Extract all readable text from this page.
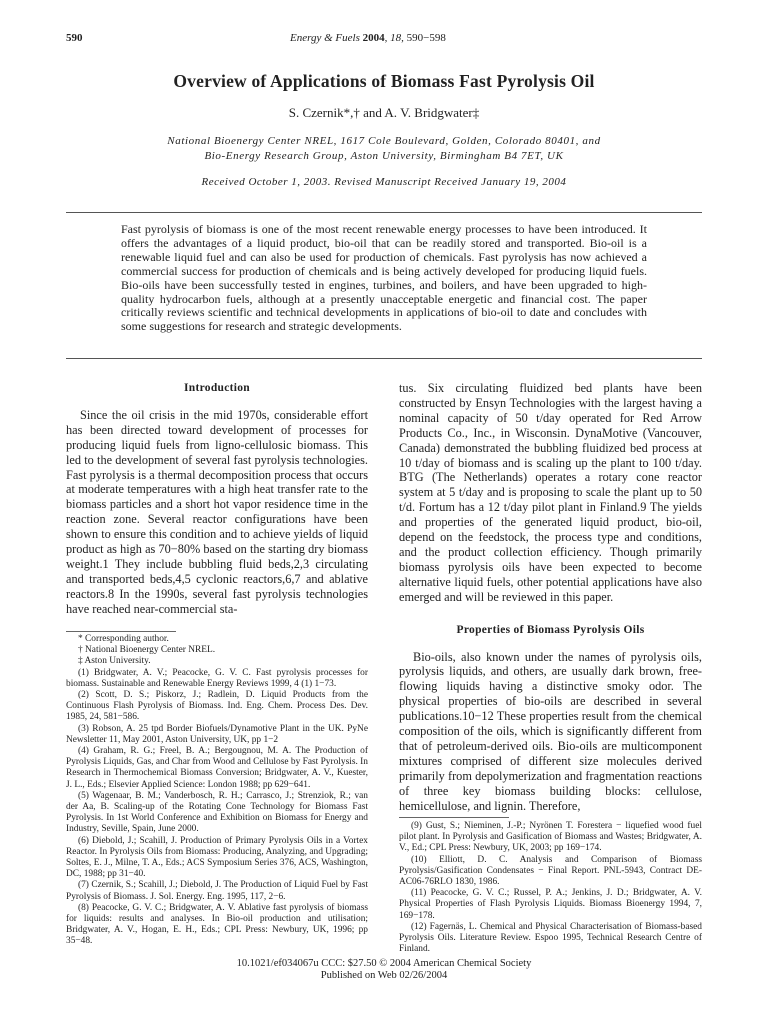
590	Energy & Fuels 2004, 18, 590−598
Overview of Applications of Biomass Fast Pyrolysis Oil
S. Czernik*,† and A. V. Bridgwater‡
National Bioenergy Center NREL, 1617 Cole Boulevard, Golden, Colorado 80401, and
Bio-Energy Research Group, Aston University, Birmingham B4 7ET, UK
Received October 1, 2003. Revised Manuscript Received January 19, 2004
Fast pyrolysis of biomass is one of the most recent renewable energy processes to have been introduced. It offers the advantages of a liquid product, bio-oil that can be readily stored and transported. Bio-oil is a renewable liquid fuel and can also be used for production of chemicals. Fast pyrolysis has now achieved a commercial success for production of chemicals and is being actively developed for producing liquid fuels. Bio-oils have been successfully tested in engines, turbines, and boilers, and have been upgraded to high-quality hydrocarbon fuels, although at a presently unacceptable energetic and financial cost. The paper critically reviews scientific and technical developments in applications of bio-oil to date and concludes with some suggestions for research and strategic developments.
Introduction

Since the oil crisis in the mid 1970s, considerable effort has been directed toward development of processes for producing liquid fuels from ligno-cellulosic biomass. This led to the development of several fast pyrolysis technologies. Fast pyrolysis is a thermal decomposition process that occurs at moderate temperatures with a high heat transfer rate to the biomass particles and a short hot vapor residence time in the reaction zone. Several reactor configurations have been shown to ensure this condition and to achieve yields of liquid product as high as 70−80% based on the starting dry biomass weight.1 They include bubbling fluid beds,2,3 circulating and transported beds,4,5 cyclonic reactors,6,7 and ablative reactors.8 In the 1990s, several fast pyrolysis technologies have reached near-commercial sta-

* Corresponding author.

† National Bioenergy Center NREL.

‡ Aston University.

(1) Bridgwater, A. V.; Peacocke, G. V. C. Fast pyrolysis processes for biomass. Sustainable and Renewable Energy Reviews 1999, 4 (1) 1−73.

(2) Scott, D. S.; Piskorz, J.; Radlein, D. Liquid Products from the Continuous Flash Pyrolysis of Biomass. Ind. Eng. Chem. Process Des. Dev. 1985, 24, 581−586.

(3) Robson, A. 25 tpd Border Biofuels/Dynamotive Plant in the UK. PyNe Newsletter 11, May 2001, Aston University, UK, pp 1−2

(4) Graham, R. G.; Freel, B. A.; Bergougnou, M. A. The Production of Pyrolysis Liquids, Gas, and Char from Wood and Cellulose by Fast Pyrolysis. In Research in Thermochemical Biomass Conversion; Bridgwater, A. V., Kuester, J. L., Eds.; Elsevier Applied Science: London 1988; pp 629−641.

(5) Wagenaar, B. M.; Vanderbosch, R. H.; Carrasco, J.; Strenziok, R.; van der Aa, B. Scaling-up of the Rotating Cone Technology for Biomass Fast Pyrolysis. In 1st World Conference and Exhibition on Biomass for Energy and Industry, Seville, Spain, June 2000.

(6) Diebold, J.; Scahill, J. Production of Primary Pyrolysis Oils in a Vortex Reactor. In Pyrolysis Oils from Biomass: Producing, Analyzing, and Upgrading; Soltes, E. J., Milne, T. A., Eds.; ACS Symposium Series 376, ACS, Washington, DC, 1988; pp 31−40.

(7) Czernik, S.; Scahill, J.; Diebold, J. The Production of Liquid Fuel by Fast Pyrolysis of Biomass. J. Sol. Energy. Eng. 1995, 117, 2−6.

(8) Peacocke, G. V. C.; Bridgwater, A. V. Ablative fast pyrolysis of biomass for liquids: results and analyses. In Bio-oil production and utilisation; Bridgwater, A. V., Hogan, E. H., Eds.; CPL Press: Newbury, UK, 1996; pp 35−48.

tus. Six circulating fluidized bed plants have been constructed by Ensyn Technologies with the largest having a nominal capacity of 50 t/day operated for Red Arrow Products Co., Inc., in Wisconsin. DynaMotive (Vancouver, Canada) demonstrated the bubbling fluidized bed process at 10 t/day of biomass and is scaling up the plant to 100 t/day. BTG (The Netherlands) operates a rotary cone reactor system at 5 t/day and is proposing to scale the plant up to 50 t/d. Fortum has a 12 t/day pilot plant in Finland.9 The yields and properties of the generated liquid product, bio-oil, depend on the feedstock, the process type and conditions, and the product collection efficiency. Though primarily biomass pyrolysis oils have been expected to become alternative liquid fuels, other potential applications have also emerged and will be reviewed in this paper.

Properties of Biomass Pyrolysis Oils

Bio-oils, also known under the names of pyrolysis oils, pyrolysis liquids, and others, are usually dark brown, free-flowing liquids having a distinctive smoky odor. The physical properties of bio-oils are described in several publications.10−12 These properties result from the chemical composition of the oils, which is significantly different from that of petroleum-derived oils. Bio-oils are multicomponent mixtures comprised of different size molecules derived primarily from depolymerization and fragmentation reactions of three key biomass building blocks: cellulose, hemicellulose, and lignin. Therefore,

(9) Gust, S.; Nieminen, J.-P.; Nyrönen T. Forestera − liquefied wood fuel pilot plant. In Pyrolysis and Gasification of Biomass and Wastes; Bridgwater, A. V., Ed.; CPL Press: Newbury, UK, 2003; pp 169−174.

(10) Elliott, D. C. Analysis and Comparison of Biomass Pyrolysis/Gasification Condensates − Final Report. PNL-5943, Contract DE-AC06-76RLO 1830, 1986.

(11) Peacocke, G. V. C.; Russel, P. A.; Jenkins, J. D.; Bridgwater, A. V. Physical Properties of Flash Pyrolysis Liquids. Biomass Bioenergy 1994, 7, 169−178.

(12) Fagernäs, L. Chemical and Physical Characterisation of Biomass-based Pyrolysis Oils. Literature Review. Espoo 1995, Technical Research Centre of Finland.

10.1021/ef034067u CCC: $27.50 © 2004 American Chemical Society
Published on Web 02/26/2004
